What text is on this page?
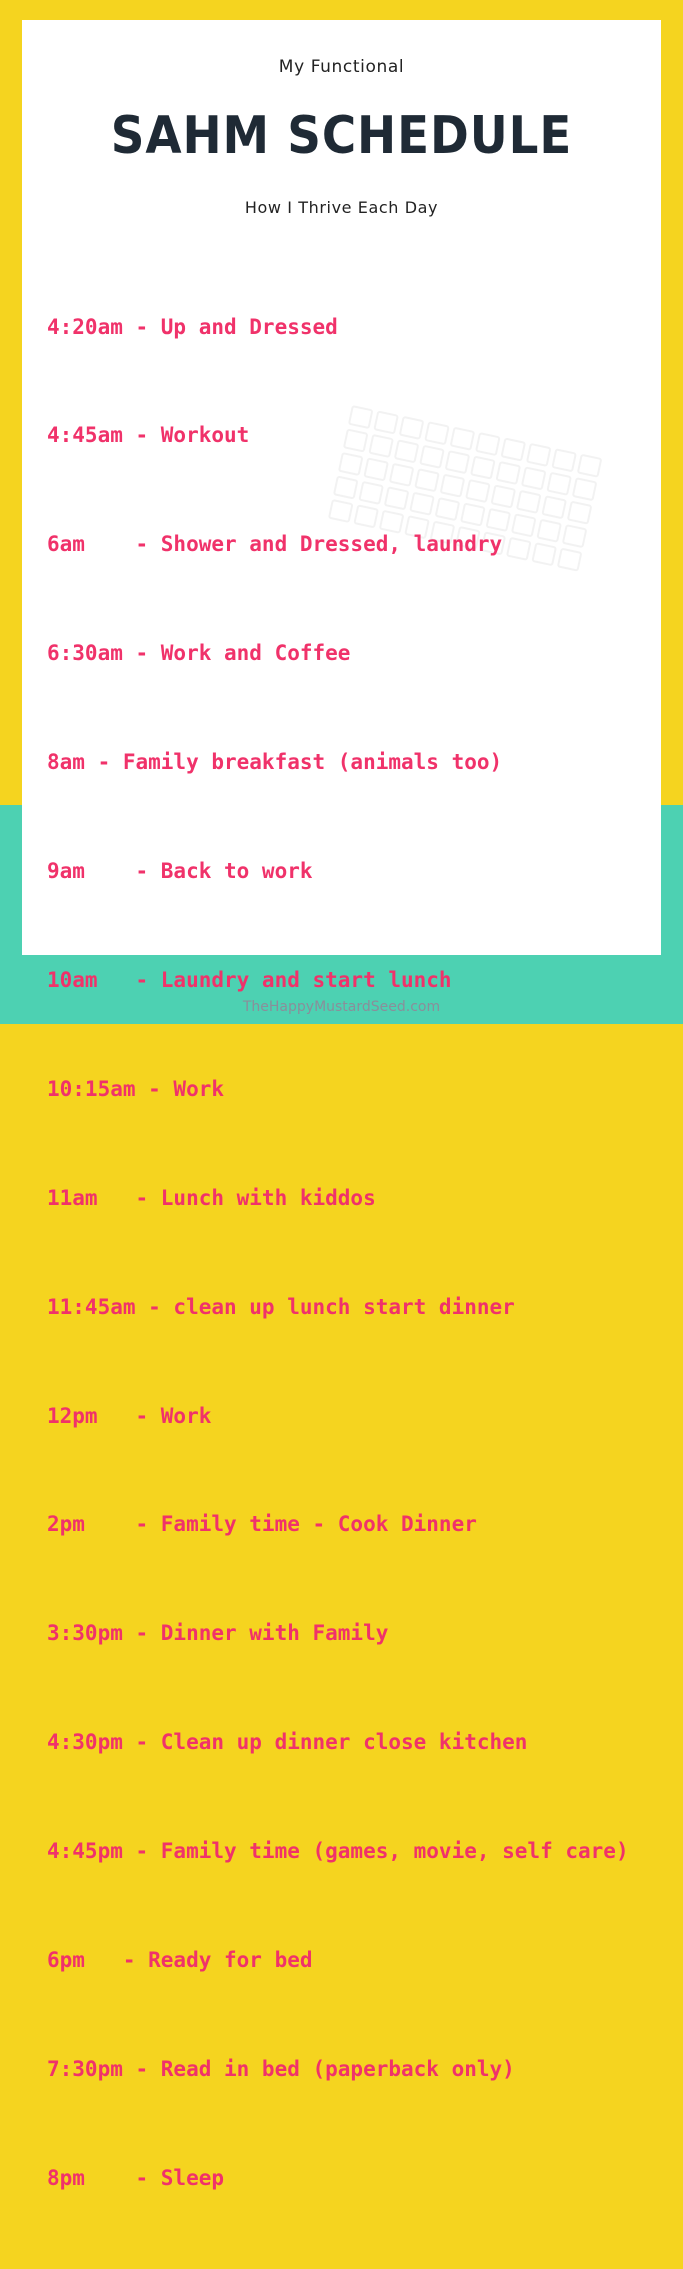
My Functional
SAHM SCHEDULE
How I Thrive Each Day

4:20am - Up and Dressed

4:45am - Workout

6am    - Shower and Dressed, laundry

6:30am - Work and Coffee

8am - Family breakfast (animals too)

9am    - Back to work

10am   - Laundry and start lunch

10:15am - Work

11am   - Lunch with kiddos

11:45am - clean up lunch start dinner

12pm   - Work

2pm    - Family time - Cook Dinner

3:30pm - Dinner with Family

4:30pm - Clean up dinner close kitchen

4:45pm - Family time (games, movie, self care)

6pm   - Ready for bed

7:30pm - Read in bed (paperback only)

8pm    - Sleep

TheHappyMustardSeed.com
